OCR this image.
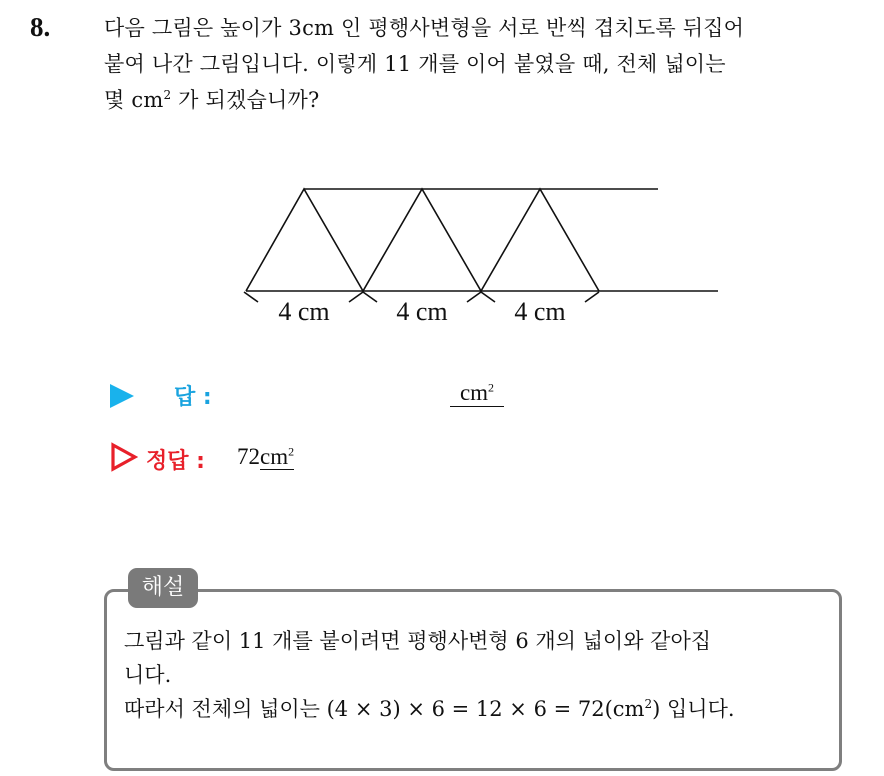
8.	다음 그림은 높이가 3cm 인 평행사변형을 서로 반씩 겹치도록 뒤집어
붙여 나간 그림입니다. 이렇게 11 개를 이어 붙였을 때, 전체 넓이는
몇 $cm^2$ 가 되겠습니까?
4 cm	4 cm	4 cm
답 :	$cm^2$
정답 : $72cm^2$
해설
그림과 같이 11 개를 붙이려면 평행사변형 6 개의 넓이와 같아집
니다.
따라서 전체의 넓이는 $(4 \times 3) \times 6 = 12 \times 6 = 72(cm^2)$ 입니다.
